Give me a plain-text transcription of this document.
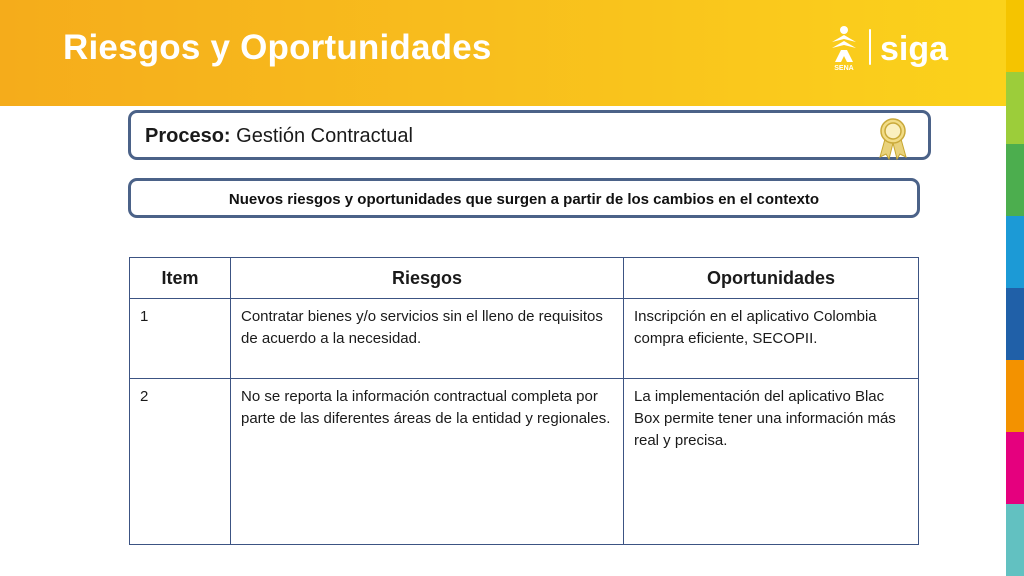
Riesgos y Oportunidades
SENA
siga
Proceso: Gestión Contractual
Nuevos riesgos y oportunidades que surgen a partir de los cambios en el contexto
Item	Riesgos	Oportunidades
1	Contratar bienes y/o servicios sin el lleno de requisitos de acuerdo a la necesidad.	Inscripción en el aplicativo Colombia compra eficiente, SECOPII.
2	No se reporta la información contractual completa por parte de las diferentes áreas de la entidad y regionales.	La implementación del aplicativo Blac Box permite tener una información más real y precisa.
